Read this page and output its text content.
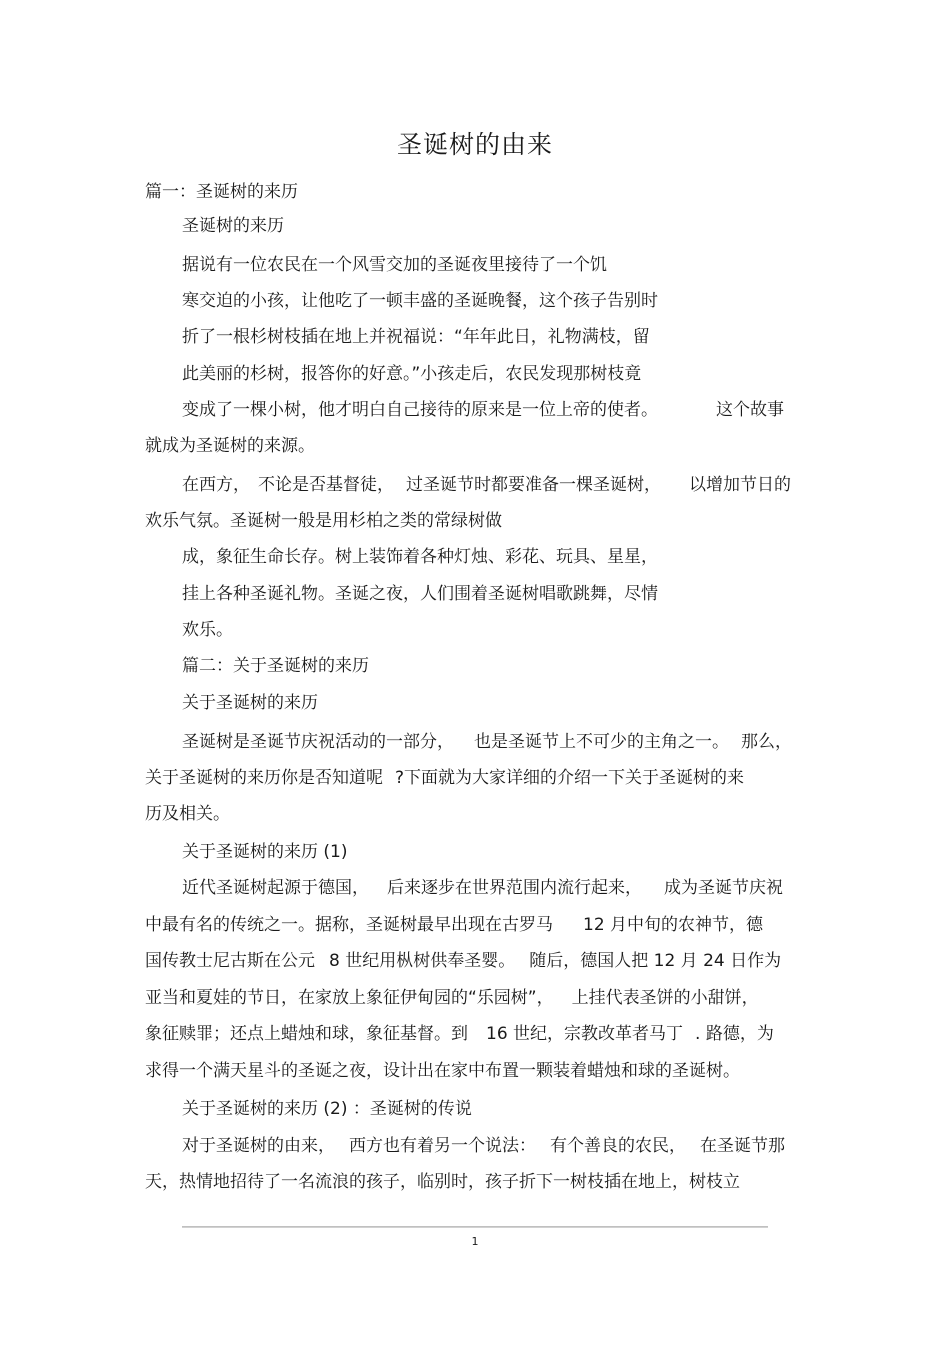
圣诞树的由来
篇一：圣诞树的来历
圣诞树的来历
据说有一位农民在一个风雪交加的圣诞夜里接待了一个饥
寒交迫的小孩，让他吃了一顿丰盛的圣诞晚餐，这个孩子告别时
折了一根杉树枝插在地上并祝福说：“年年此日，礼物满枝，留
此美丽的杉树，报答你的好意。”小孩走后，农民发现那树枝竟
变成了一棵小树，他才明白自己接待的原来是一位上帝的使者。	这个故事
就成为圣诞树的来源。
在西方， 不论是否基督徒， 过圣诞节时都要准备一棵圣诞树， 以增加节日的
欢乐气氛。圣诞树一般是用杉柏之类的常绿树做
成，象征生命长存。树上装饰着各种灯烛、彩花、玩具、星星，
挂上各种圣诞礼物。圣诞之夜，人们围着圣诞树唱歌跳舞，尽情
欢乐。
篇二：关于圣诞树的来历
关于圣诞树的来历
圣诞树是圣诞节庆祝活动的一部分， 也是圣诞节上不可少的主角之一。 那么，
关于圣诞树的来历你是否知道呢 ?下面就为大家详细的介绍一下关于圣诞树的来
历及相关。
关于圣诞树的来历 (1)
近代圣诞树起源于德国， 后来逐步在世界范围内流行起来， 成为圣诞节庆祝
中最有名的传统之一。据称，圣诞树最早出现在古罗马 12 月中旬的农神节，德
国传教士尼古斯在公元 8 世纪用枞树供奉圣婴。 随后，德国人把 12 月 24 日作为
亚当和夏娃的节日，在家放上象征伊甸园的“乐园树”， 上挂代表圣饼的小甜饼，
象征赎罪；还点上蜡烛和球，象征基督。到 16 世纪，宗教改革者马丁 . 路德，为
求得一个满天星斗的圣诞之夜，设计出在家中布置一颗装着蜡烛和球的圣诞树。
关于圣诞树的来历 (2) ：圣诞树的传说
对于圣诞树的由来， 西方也有着另一个说法： 有个善良的农民， 在圣诞节那
天，热情地招待了一名流浪的孩子，临别时，孩子折下一树枝插在地上，树枝立
1
